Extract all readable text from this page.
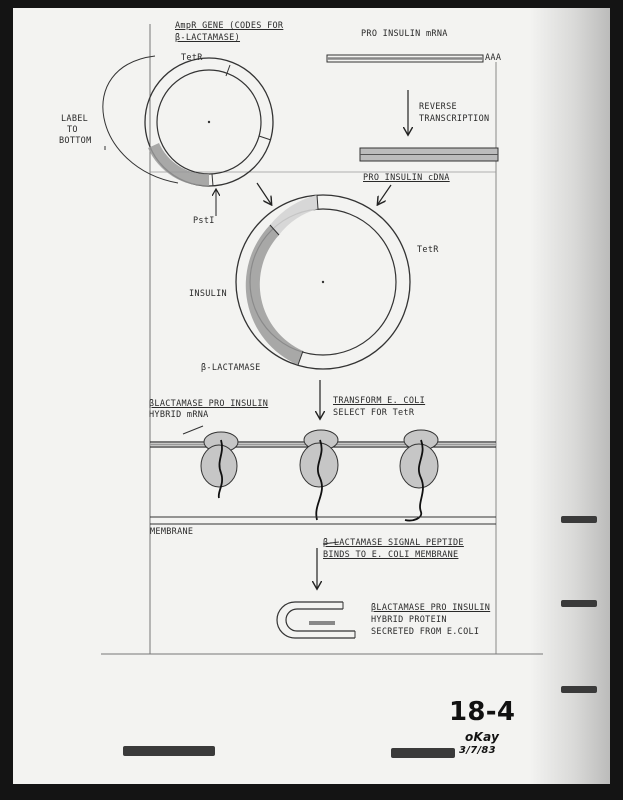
AmpR GENE (CODES FOR
β-LACTAMASE)
TetR
LABEL
TO
BOTTOM
PstI
PRO INSULIN mRNA
AAA
REVERSE
TRANSCRIPTION
PRO INSULIN cDNA
TetR
INSULIN
β-LACTAMASE
βLACTAMASE PRO INSULIN
HYBRID mRNA
TRANSFORM E. COLI
SELECT FOR TetR
MEMBRANE
β-LACTAMASE SIGNAL PEPTIDE
BINDS TO E. COLI MEMBRANE
βLACTAMASE PRO INSULIN
HYBRID PROTEIN
SECRETED FROM E.COLI
18-4
oKay
3/7/83
